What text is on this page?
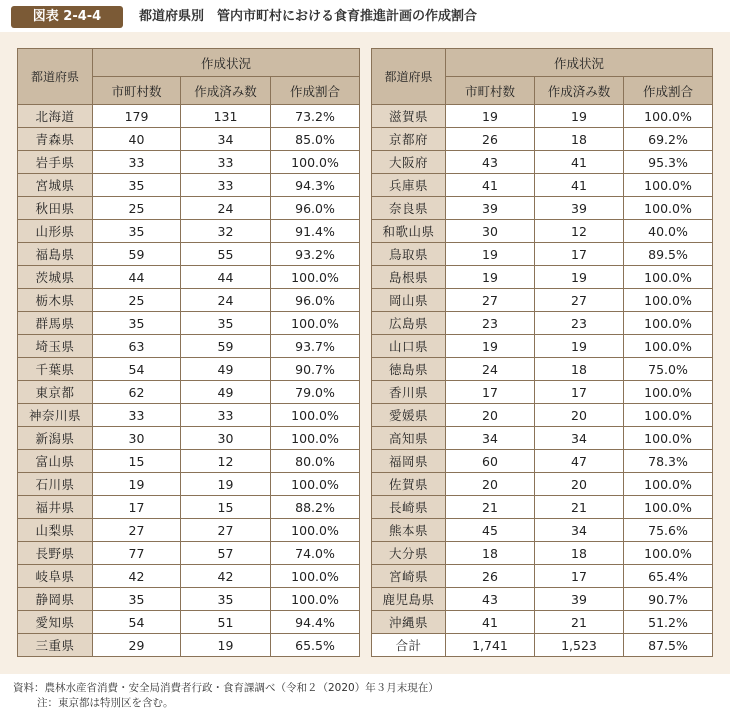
図表 2-4-4	都道府県別　管内市町村における食育推進計画の作成割合
都道府県	作成状況		
	市町村数	作成済み数	作成割合
北海道	179	131	73.2%
青森県	40	34	85.0%
岩手県	33	33	100.0%
宮城県	35	33	94.3%
秋田県	25	24	96.0%
山形県	35	32	91.4%
福島県	59	55	93.2%
茨城県	44	44	100.0%
栃木県	25	24	96.0%
群馬県	35	35	100.0%
埼玉県	63	59	93.7%
千葉県	54	49	90.7%
東京都	62	49	79.0%
神奈川県	33	33	100.0%
新潟県	30	30	100.0%
富山県	15	12	80.0%
石川県	19	19	100.0%
福井県	17	15	88.2%
山梨県	27	27	100.0%
長野県	77	57	74.0%
岐阜県	42	42	100.0%
静岡県	35	35	100.0%
愛知県	54	51	94.4%
三重県	29	19	65.5%
都道府県	作成状況		
	市町村数	作成済み数	作成割合
滋賀県	19	19	100.0%
京都府	26	18	69.2%
大阪府	43	41	95.3%
兵庫県	41	41	100.0%
奈良県	39	39	100.0%
和歌山県	30	12	40.0%
鳥取県	19	17	89.5%
島根県	19	19	100.0%
岡山県	27	27	100.0%
広島県	23	23	100.0%
山口県	19	19	100.0%
徳島県	24	18	75.0%
香川県	17	17	100.0%
愛媛県	20	20	100.0%
高知県	34	34	100.0%
福岡県	60	47	78.3%
佐賀県	20	20	100.0%
長崎県	21	21	100.0%
熊本県	45	34	75.6%
大分県	18	18	100.0%
宮崎県	26	17	65.4%
鹿児島県	43	39	90.7%
沖縄県	41	21	51.2%
合計	1,741	1,523	87.5%
資料：農林水産省消費・安全局消費者行政・食育課調べ（令和２（2020）年３月末現在）
注：東京都は特別区を含む。
